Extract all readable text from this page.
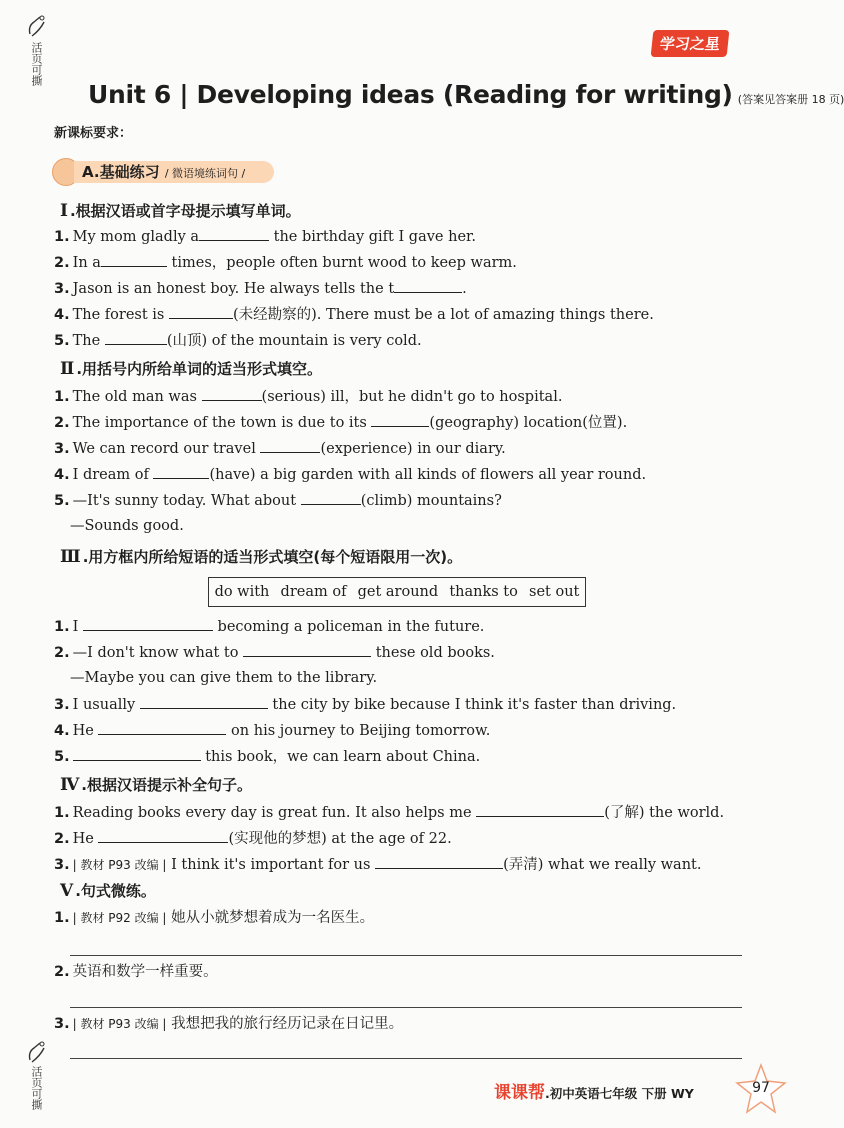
活页可撕
活页可撕
学习之星
Unit 6 | Developing ideas (Reading for writing) (答案见答案册 18 页)
新课标要求：
A.基础练习 / 微语境练词句 /
Ⅰ .根据汉语或首字母提示填写单词。
1. My mom gladly a	the birthday gift I gave her.
2. In a	times，people often burnt wood to keep warm.
3. Jason is an honest boy. He always tells the t	.
4. The forest is	(未经勘察的). There must be a lot of amazing things there.
5. The	(山顶) of the mountain is very cold.
Ⅱ .用括号内所给单词的适当形式填空。
1. The old man was	(serious) ill，but he didn't go to hospital.
2. The importance of the town is due to its	(geography) location(位置).
3. We can record our travel	(experience) in our diary.
4. I dream of	(have) a big garden with all kinds of flowers all year round.
5. —It's sunny today. What about	(climb) mountains?
—Sounds good.
Ⅲ .用方框内所给短语的适当形式填空(每个短语限用一次)。
do with dream of get around thanks to set out
1. I	becoming a policeman in the future.
2. —I don't know what to	these old books.
—Maybe you can give them to the library.
3. I usually	the city by bike because I think it's faster than driving.
4. He	on his journey to Beijing tomorrow.
5.	this book，we can learn about China.
Ⅳ .根据汉语提示补全句子。
1. Reading books every day is great fun. It also helps me	(了解) the world.
2. He	(实现他的梦想) at the age of 22.
3. | 教材 P93 改编 | I think it's important for us	(弄清) what we really want.
Ⅴ .句式微练。
1. | 教材 P92 改编 | 她从小就梦想着成为一名医生。
2. 英语和数学一样重要。
3. | 教材 P93 改编 | 我想把我的旅行经历记录在日记里。
课课帮.初中英语七年级 下册 WY	97
